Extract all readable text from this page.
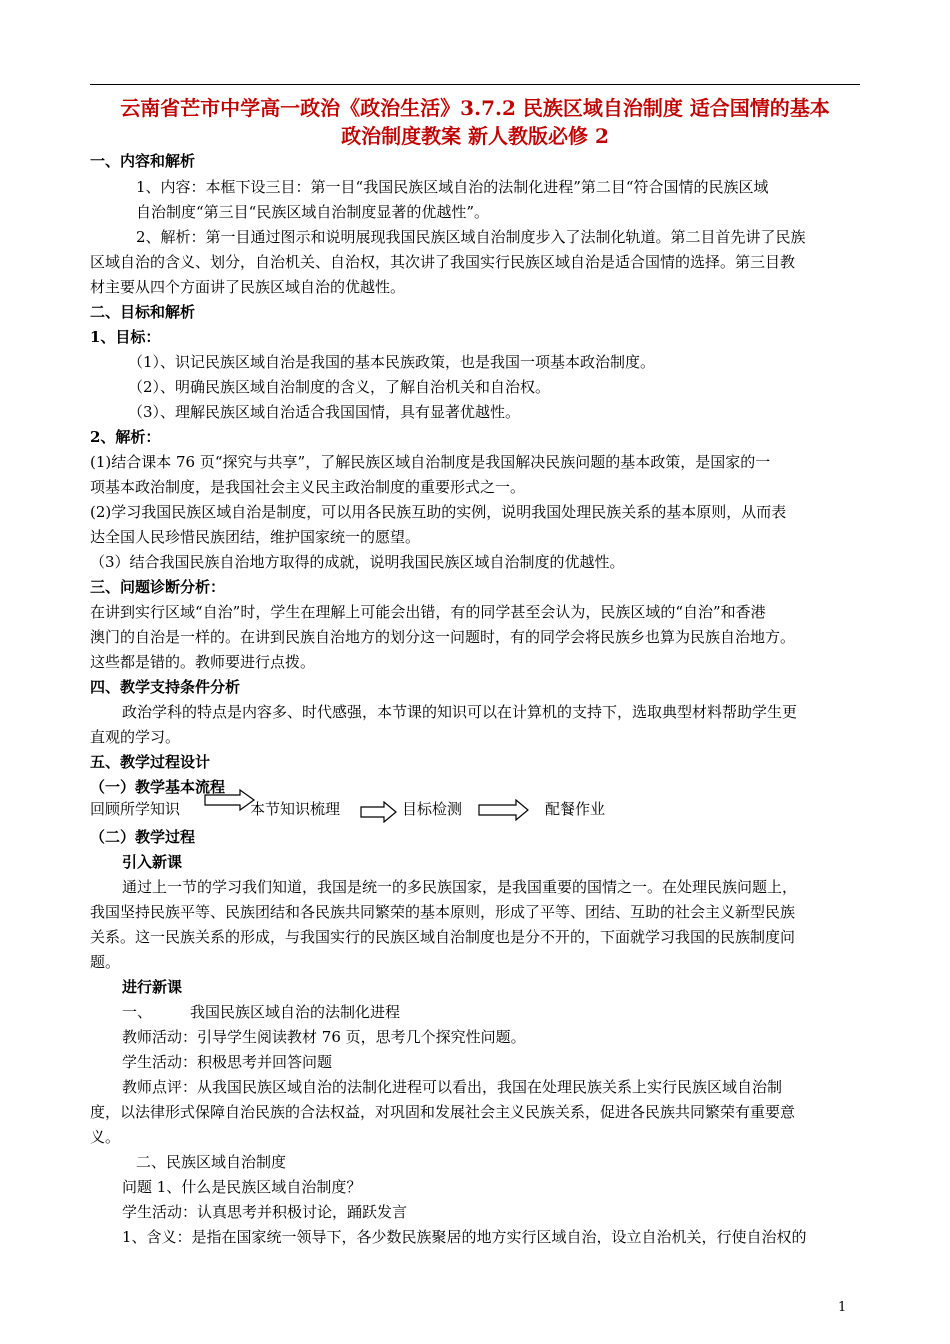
云南省芒市中学高一政治《政治生活》3.7.2 民族区域自治制度 适合国情的基本
政治制度教案 新人教版必修 2
一、内容和解析
1、内容：本框下设三目：第一目“我国民族区域自治的法制化进程”第二目“符合国情的民族区域
自治制度“第三目“民族区域自治制度显著的优越性”。
2、解析：第一目通过图示和说明展现我国民族区域自治制度步入了法制化轨道。第二目首先讲了民族
区域自治的含义、划分，自治机关、自治权，其次讲了我国实行民族区域自治是适合国情的选择。第三目教
材主要从四个方面讲了民族区域自治的优越性。
二、目标和解析
1、目标：
（1）、识记民族区域自治是我国的基本民族政策，也是我国一项基本政治制度。
（2）、明确民族区域自治制度的含义，了解自治机关和自治权。
（3）、理解民族区域自治适合我国国情，具有显著优越性。
2、解析：
(1)结合课本 76 页“探究与共享”，了解民族区域自治制度是我国解决民族问题的基本政策，是国家的一
项基本政治制度，是我国社会主义民主政治制度的重要形式之一。
(2)学习我国民族区域自治是制度，可以用各民族互助的实例，说明我国处理民族关系的基本原则，从而表
达全国人民珍惜民族团结，维护国家统一的愿望。
（3）结合我国民族自治地方取得的成就，说明我国民族区域自治制度的优越性。
三、问题诊断分析：
在讲到实行区域“自治”时，学生在理解上可能会出错，有的同学甚至会认为，民族区域的“自治”和香港
澳门的自治是一样的。在讲到民族自治地方的划分这一问题时，有的同学会将民族乡也算为民族自治地方。
这些都是错的。教师要进行点拨。
四、教学支持条件分析
政治学科的特点是内容多、时代感强，本节课的知识可以在计算机的支持下，选取典型材料帮助学生更
直观的学习。
五、教学过程设计
（一）教学基本流程
回顾所学知识	本节知识梳理	目标检测	配餐作业
（二）教学过程
引入新课
通过上一节的学习我们知道，我国是统一的多民族国家，是我国重要的国情之一。在处理民族问题上，
我国坚持民族平等、民族团结和各民族共同繁荣的基本原则，形成了平等、团结、互助的社会主义新型民族
关系。这一民族关系的形成，与我国实行的民族区域自治制度也是分不开的，下面就学习我国的民族制度问
题。
进行新课
一、	我国民族区域自治的法制化进程
教师活动：引导学生阅读教材 76 页，思考几个探究性问题。
学生活动：积极思考并回答问题
教师点评：从我国民族区域自治的法制化进程可以看出，我国在处理民族关系上实行民族区域自治制
度，以法律形式保障自治民族的合法权益，对巩固和发展社会主义民族关系，促进各民族共同繁荣有重要意
义。
二、民族区域自治制度
问题 1、什么是民族区域自治制度？
学生活动：认真思考并积极讨论，踊跃发言
1、含义：是指在国家统一领导下，各少数民族聚居的地方实行区域自治，设立自治机关，行使自治权的
1
